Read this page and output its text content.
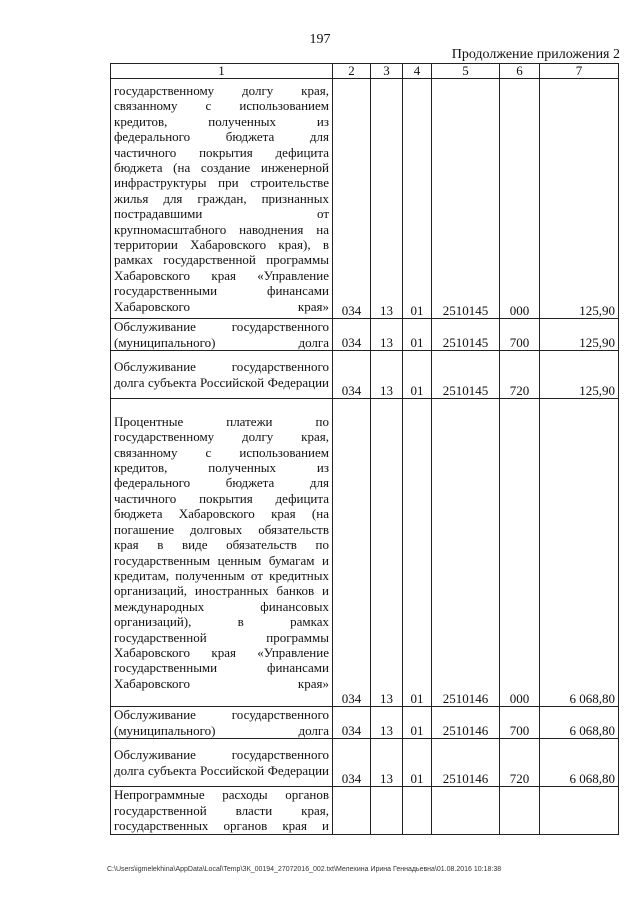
197
Продолжение приложения 2
1	2	3	4	5	6	7
государственному долгу края, связанному с использованием кредитов, полученных из федерального бюджета для частичного покрытия дефицита бюджета (на создание инженерной инфраструктуры при строительстве жилья для граждан, признанных пострадавшими от крупномасштабного наводнения на территории Хабаровского края), в рамках государственной программы Хабаровского края «Управление государственными финансами Хабаровского края»	034	13	01	2510145	000	125,90
Обслуживание государственного (муниципального) долга	034	13	01	2510145	700	125,90
Обслуживание государственного долга субъекта Российской Федерации	034	13	01	2510145	720	125,90
Процентные платежи по государственному долгу края, связанному с использованием кредитов, полученных из федерального бюджета для частичного покрытия дефицита бюджета Хабаровского края (на погашение долговых обязательств края в виде обязательств по государственным ценным бумагам и кредитам, полученным от кредитных организаций, иностранных банков и международных финансовых организаций), в рамках государственной программы Хабаровского края «Управление государственными финансами Хабаровского края»	034	13	01	2510146	000	6 068,80
Обслуживание государственного (муниципального) долга	034	13	01	2510146	700	6 068,80
Обслуживание государственного долга субъекта Российской Федерации	034	13	01	2510146	720	6 068,80
Непрограммные расходы органов государственной власти края, государственных органов края и						
C:\Users\igmelekhina\AppData\Local\Temp\ЗК_00194_27072016_002.txt\Мелехина Ирина Геннадьевна\01.08.2016 10:18:38
